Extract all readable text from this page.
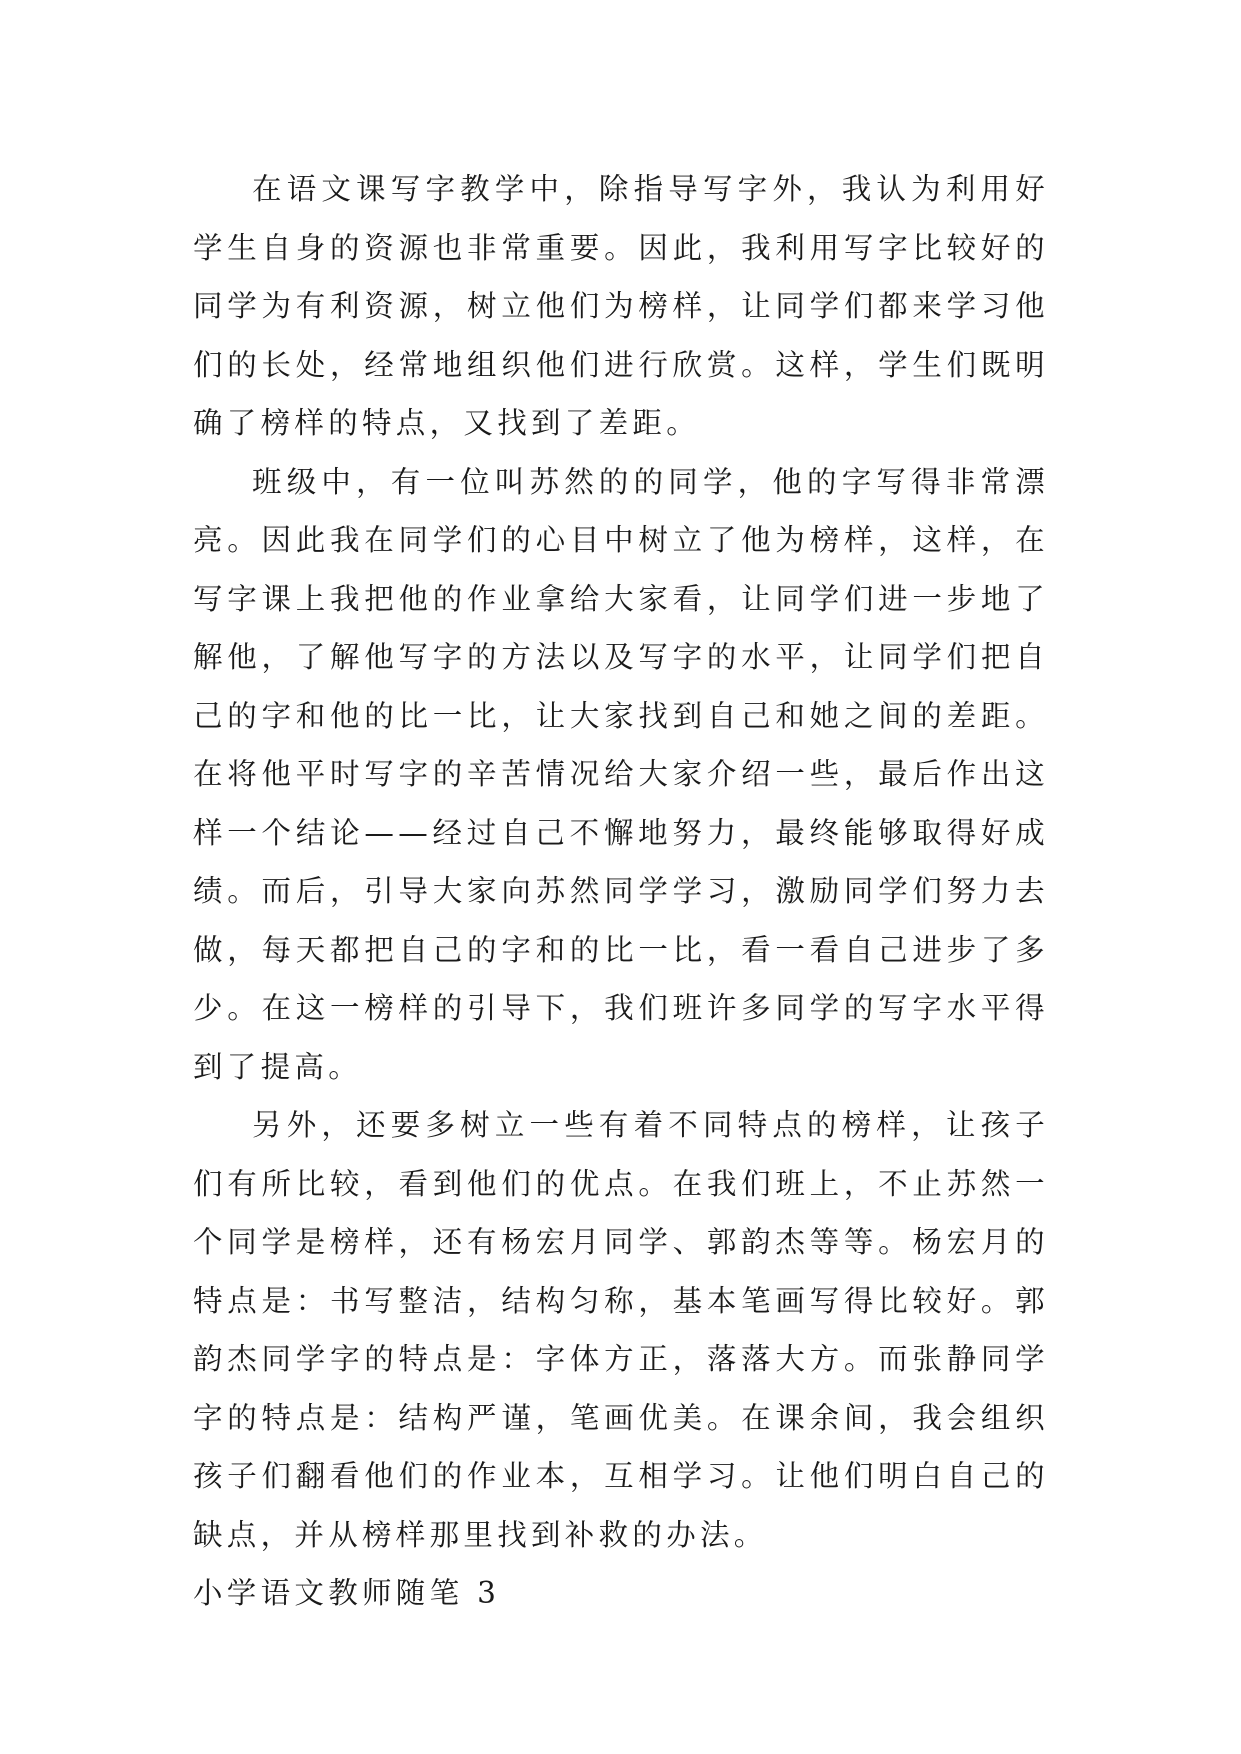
在语文课写字教学中，除指导写字外，我认为利用好学生自身的资源也非常重要。因此，我利用写字比较好的同学为有利资源，树立他们为榜样，让同学们都来学习他们的长处，经常地组织他们进行欣赏。这样，学生们既明确了榜样的特点，又找到了差距。

班级中，有一位叫苏然的的同学，他的字写得非常漂亮。因此我在同学们的心目中树立了他为榜样，这样，在写字课上我把他的作业拿给大家看，让同学们进一步地了解他，了解他写字的方法以及写字的水平，让同学们把自己的字和他的比一比，让大家找到自己和她之间的差距。在将他平时写字的辛苦情况给大家介绍一些，最后作出这样一个结论——经过自己不懈地努力，最终能够取得好成绩。而后，引导大家向苏然同学学习，激励同学们努力去做，每天都把自己的字和的比一比，看一看自己进步了多少。在这一榜样的引导下，我们班许多同学的写字水平得到了提高。

另外，还要多树立一些有着不同特点的榜样，让孩子们有所比较，看到他们的优点。在我们班上，不止苏然一个同学是榜样，还有杨宏月同学、郭韵杰等等。杨宏月的特点是：书写整洁，结构匀称，基本笔画写得比较好。郭韵杰同学字的特点是：字体方正，落落大方。而张静同学字的特点是：结构严谨，笔画优美。在课余间，我会组织孩子们翻看他们的作业本，互相学习。让他们明白自己的缺点，并从榜样那里找到补救的办法。

小学语文教师随笔 3
